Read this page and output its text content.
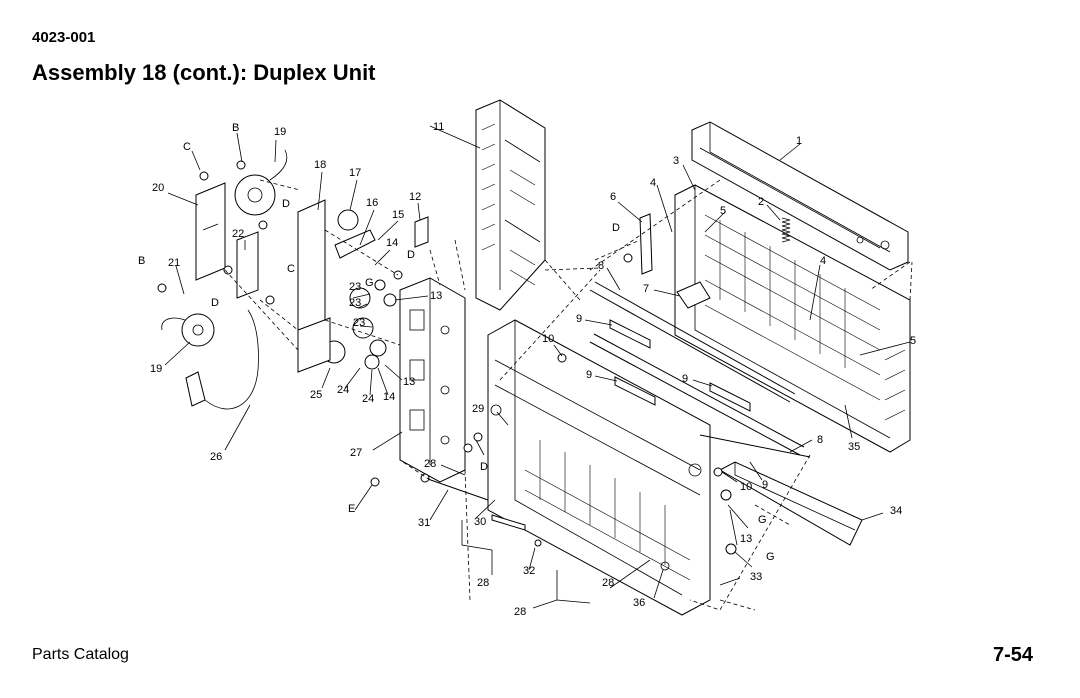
4023-001
Assembly 18 (cont.): Duplex Unit
1
2
3
4
4
5
5
6
7
8
8
9
9	9
9
10
10
11
12
13
13
13
14
14
15
16
17
18
19
19
20
21
22
23
23
23
24
24
25
26	27
28
28	28
28
29
30
31
32	33
34
35
36
B
B
C
C
D
D
D
D
D
E
G
G
G
Parts Catalog	7-54
